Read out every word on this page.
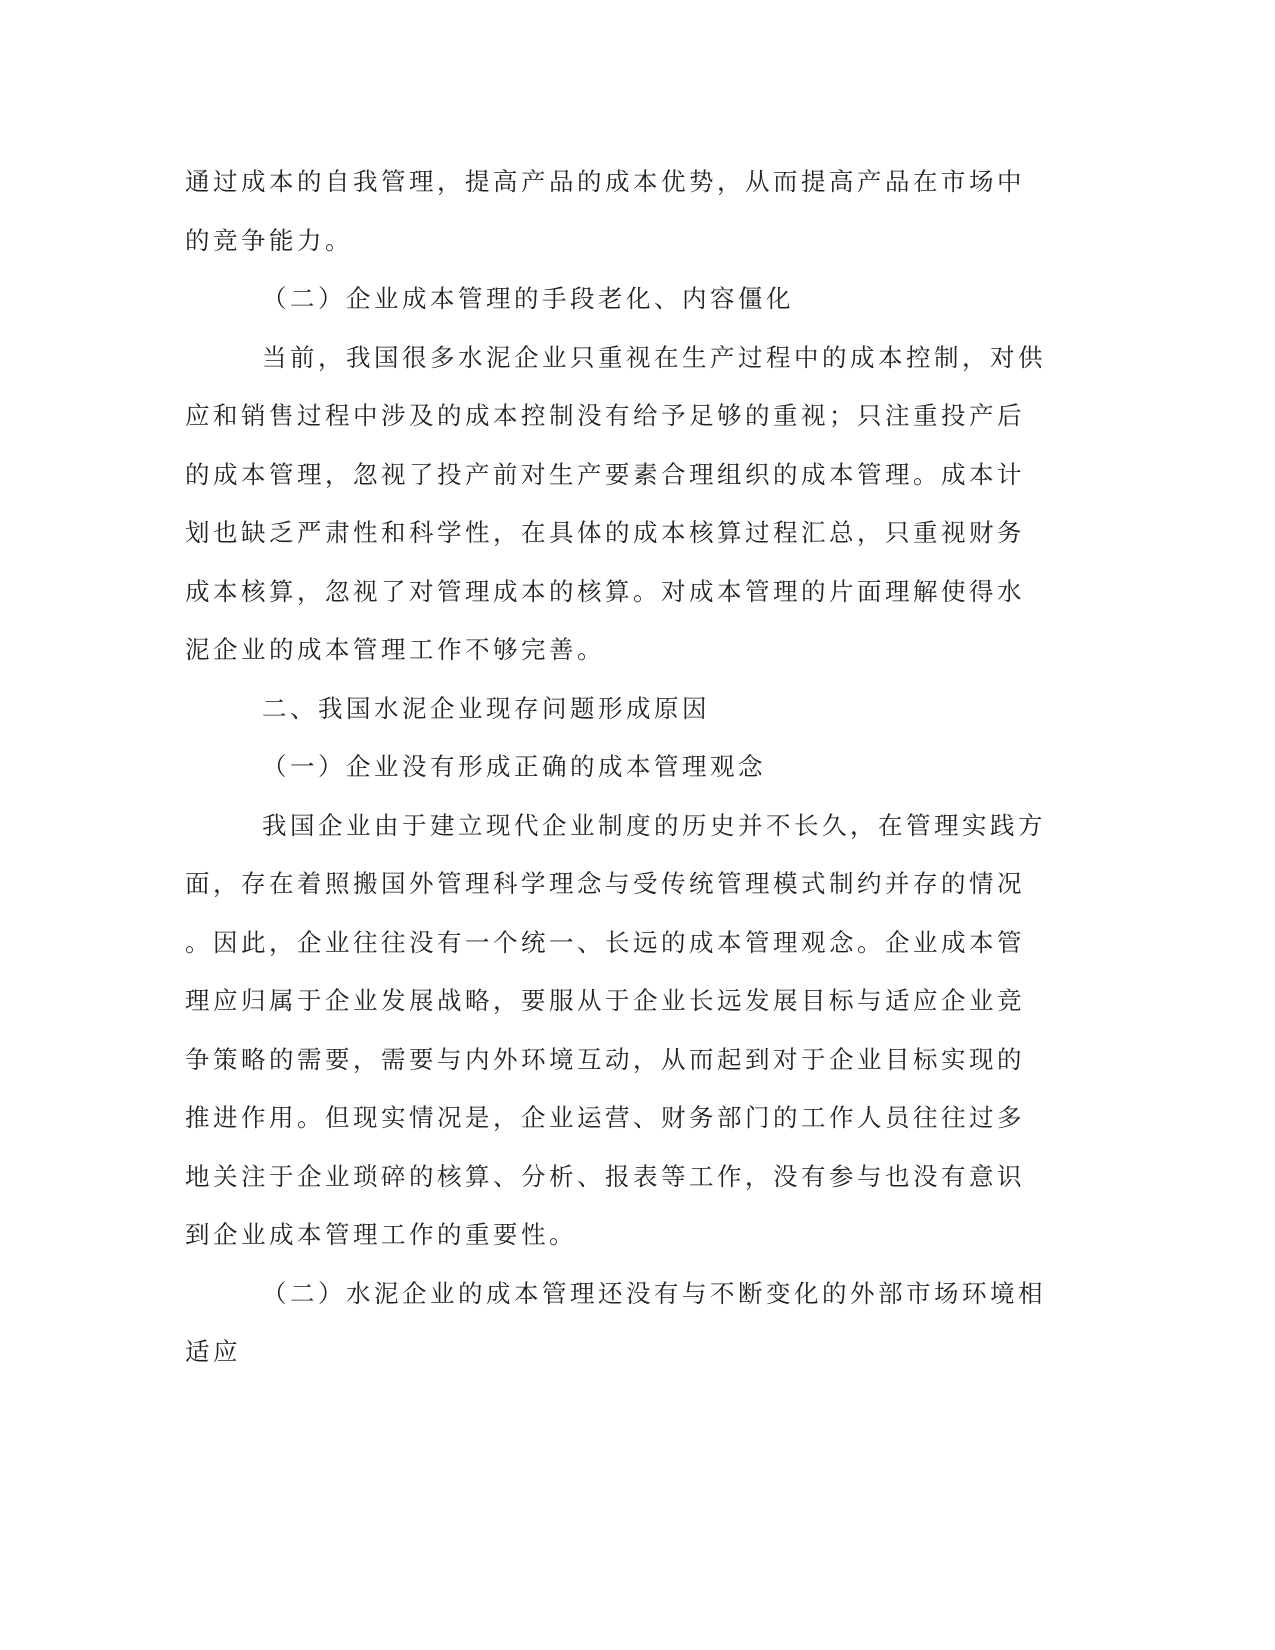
通过成本的自我管理，提高产品的成本优势，从而提高产品在市场中
的竞争能力。
（二）企业成本管理的手段老化、内容僵化
当前，我国很多水泥企业只重视在生产过程中的成本控制，对供
应和销售过程中涉及的成本控制没有给予足够的重视；只注重投产后
的成本管理，忽视了投产前对生产要素合理组织的成本管理。成本计
划也缺乏严肃性和科学性，在具体的成本核算过程汇总，只重视财务
成本核算，忽视了对管理成本的核算。对成本管理的片面理解使得水
泥企业的成本管理工作不够完善。
二、我国水泥企业现存问题形成原因
（一）企业没有形成正确的成本管理观念
我国企业由于建立现代企业制度的历史并不长久，在管理实践方
面，存在着照搬国外管理科学理念与受传统管理模式制约并存的情况
。因此，企业往往没有一个统一、长远的成本管理观念。企业成本管
理应归属于企业发展战略，要服从于企业长远发展目标与适应企业竞
争策略的需要，需要与内外环境互动，从而起到对于企业目标实现的
推进作用。但现实情况是，企业运营、财务部门的工作人员往往过多
地关注于企业琐碎的核算、分析、报表等工作，没有参与也没有意识
到企业成本管理工作的重要性。
（二）水泥企业的成本管理还没有与不断变化的外部市场环境相
适应
